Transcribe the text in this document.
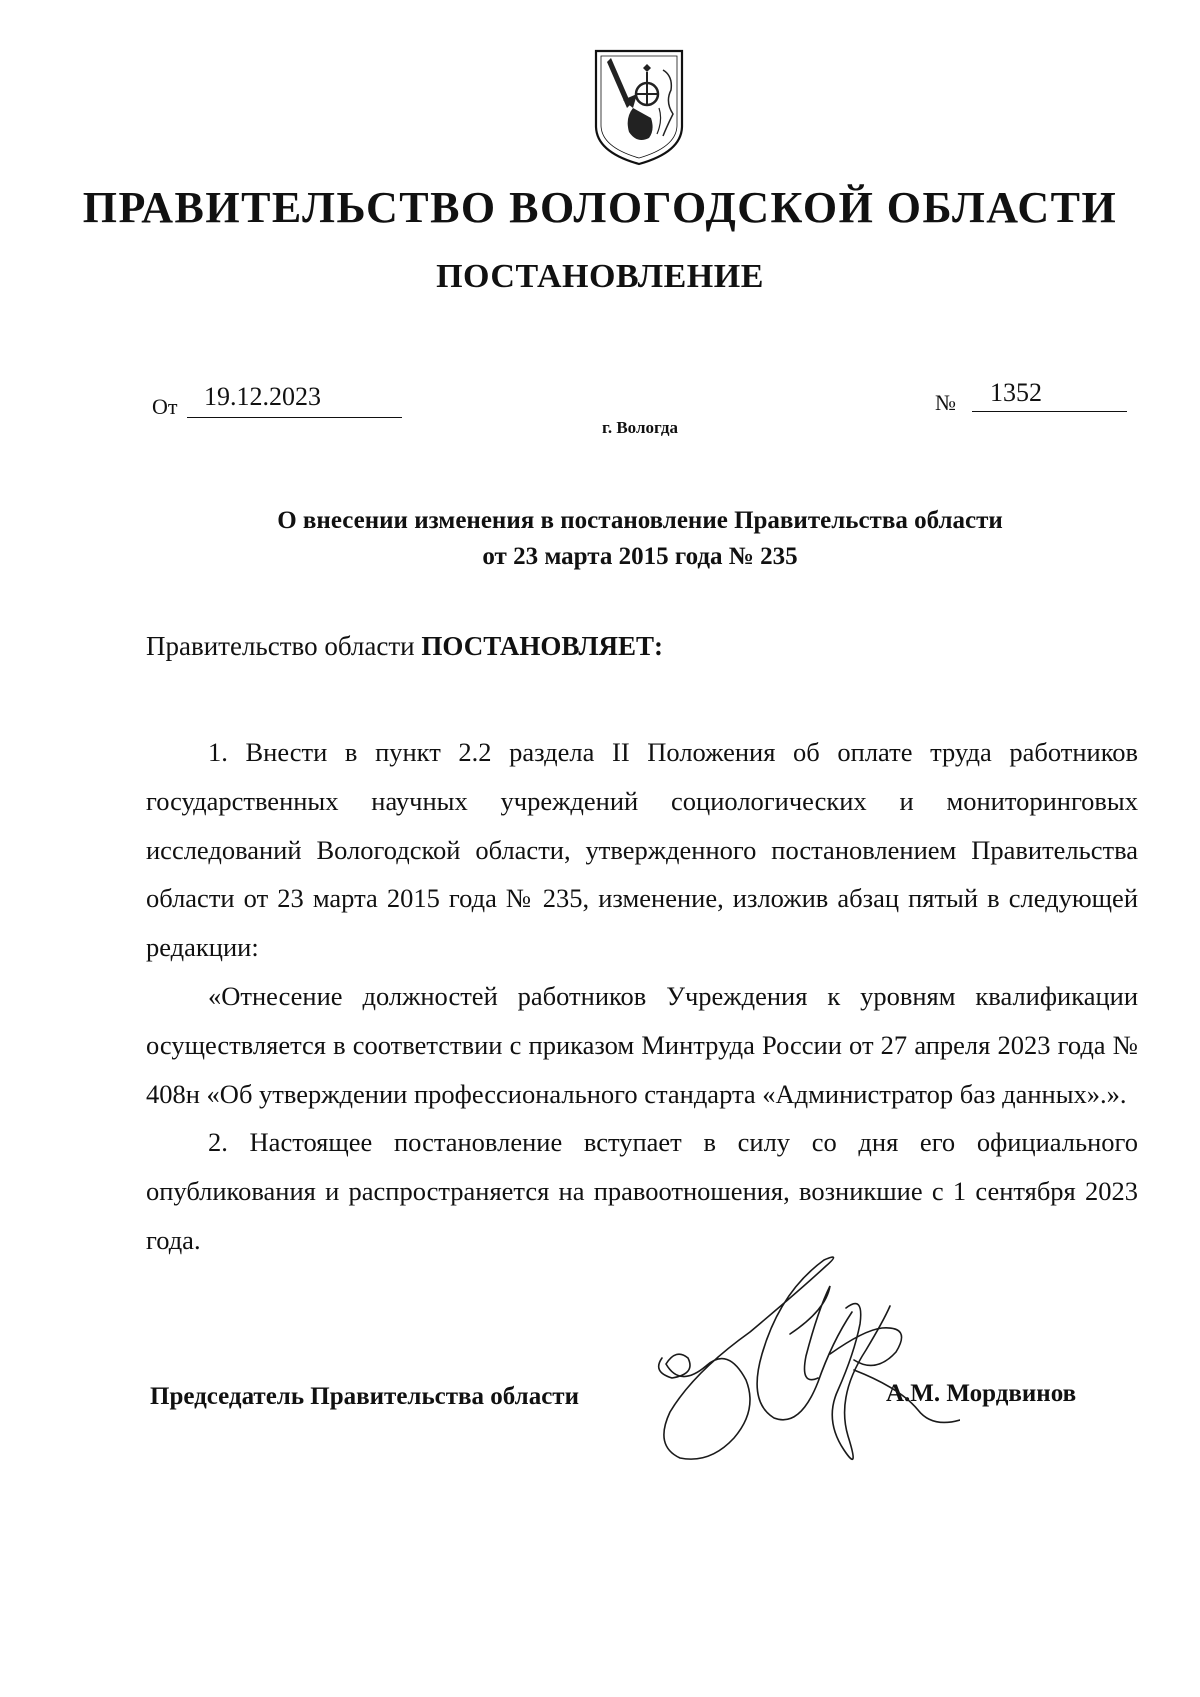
ПРАВИТЕЛЬСТВО ВОЛОГОДСКОЙ ОБЛАСТИ
ПОСТАНОВЛЕНИЕ
От 19.12.2023	№ 1352
г. Вологда
О внесении изменения в постановление Правительства области
от 23 марта 2015 года № 235
Правительство области ПОСТАНОВЛЯЕТ:

1. Внести в пункт 2.2 раздела II Положения об оплате труда работников государственных научных учреждений социологических и мониторинговых исследований Вологодской области, утвержденного постановлением Правительства области от 23 марта 2015 года № 235, изменение, изложив абзац пятый в следующей редакции:

«Отнесение должностей работников Учреждения к уровням квалификации осуществляется в соответствии с приказом Минтруда России от 27 апреля 2023 года № 408н «Об утверждении профессионального стандарта «Администратор баз данных».».

2. Настоящее постановление вступает в силу со дня его официального опубликования и распространяется на правоотношения, возникшие с 1 сентября 2023 года.

Председатель Правительства области	А.М. Мордвинов
